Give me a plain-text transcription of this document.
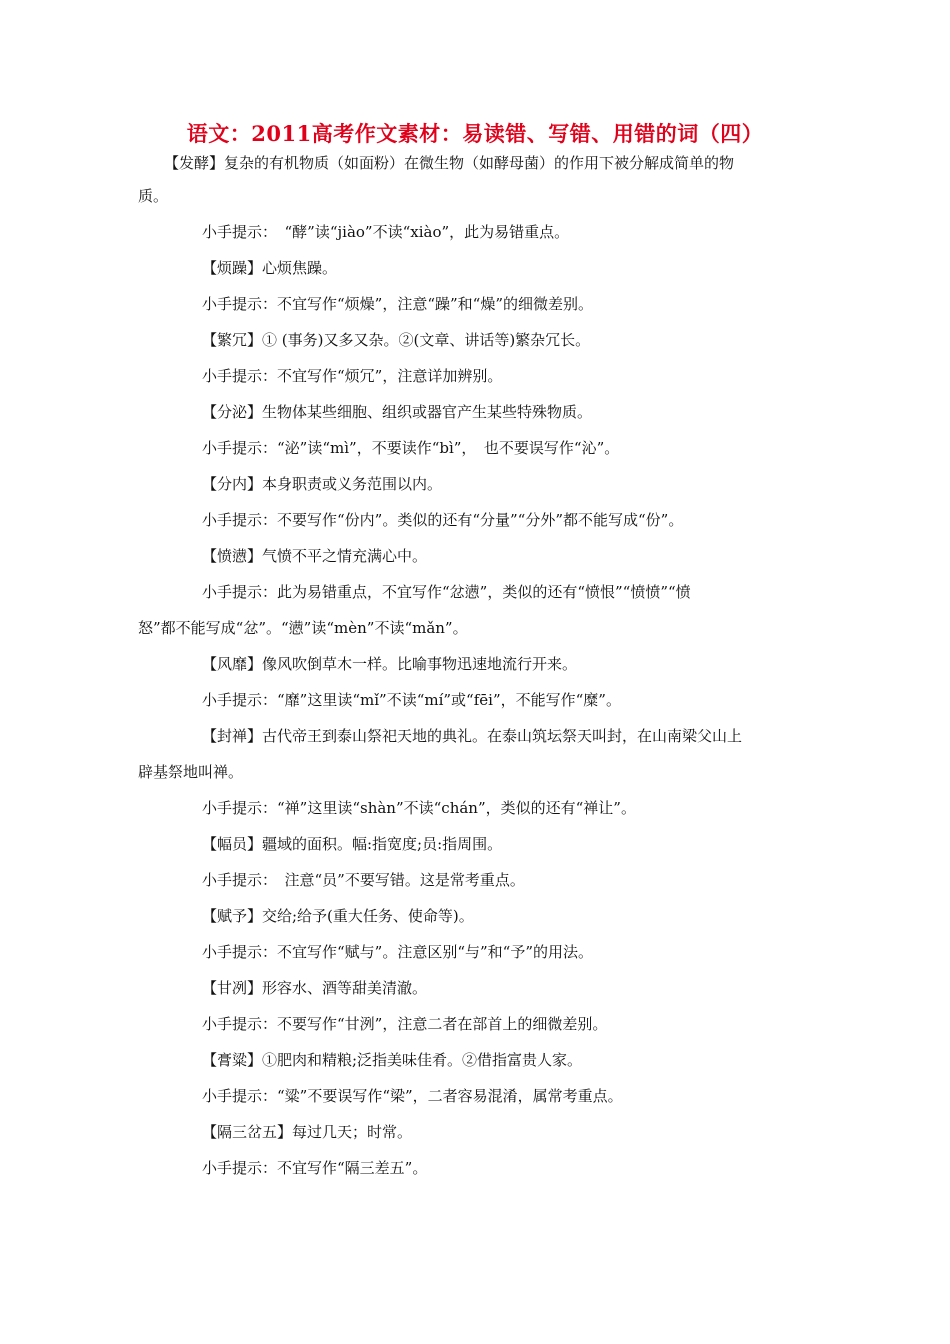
语文：2011高考作文素材：易读错、写错、用错的词（四）

【发酵】复杂的有机物质（如面粉）在微生物（如酵母菌）的作用下被分解成简单的物

质。

小手提示：　“酵”读“jiào”不读“xiào”，此为易错重点。

【烦躁】心烦焦躁。

小手提示：不宜写作“烦燥”，注意“躁”和“燥”的细微差别。

【繁冗】① (事务)又多又杂。②(文章、讲话等)繁杂冗长。

小手提示：不宜写作“烦冗”，注意详加辨别。

【分泌】生物体某些细胞、组织或器官产生某些特殊物质。

小手提示：“泌”读“mì”，不要读作“bì”，　也不要误写作“沁”。

【分内】本身职责或义务范围以内。

小手提示：不要写作“份内”。类似的还有“分量”“分外”都不能写成“份”。

【愤懑】气愤不平之情充满心中。

小手提示：此为易错重点，不宜写作“忿懑”，类似的还有“愤恨”“愤愤”“愤

怒”都不能写成“忿”。“懑”读“mèn”不读“mǎn”。

【风靡】像风吹倒草木一样。比喻事物迅速地流行开来。

小手提示：“靡”这里读“mǐ”不读“mí”或“fēi”，不能写作“糜”。

【封禅】古代帝王到泰山祭祀天地的典礼。在泰山筑坛祭天叫封，在山南梁父山上

辟基祭地叫禅。

小手提示：“禅”这里读“shàn”不读“chán”，类似的还有“禅让”。

【幅员】疆域的面积。幅:指宽度;员:指周围。

小手提示：　注意“员”不要写错。这是常考重点。

【赋予】交给;给予(重大任务、使命等)。

小手提示：不宜写作“赋与”。注意区别“与”和“予”的用法。

【甘冽】形容水、酒等甜美清澈。

小手提示：不要写作“甘洌”，注意二者在部首上的细微差别。

【膏粱】①肥肉和精粮;泛指美味佳肴。②借指富贵人家。

小手提示：“粱”不要误写作“梁”，二者容易混淆，属常考重点。

【隔三岔五】每过几天；时常。

小手提示：不宜写作“隔三差五”。
